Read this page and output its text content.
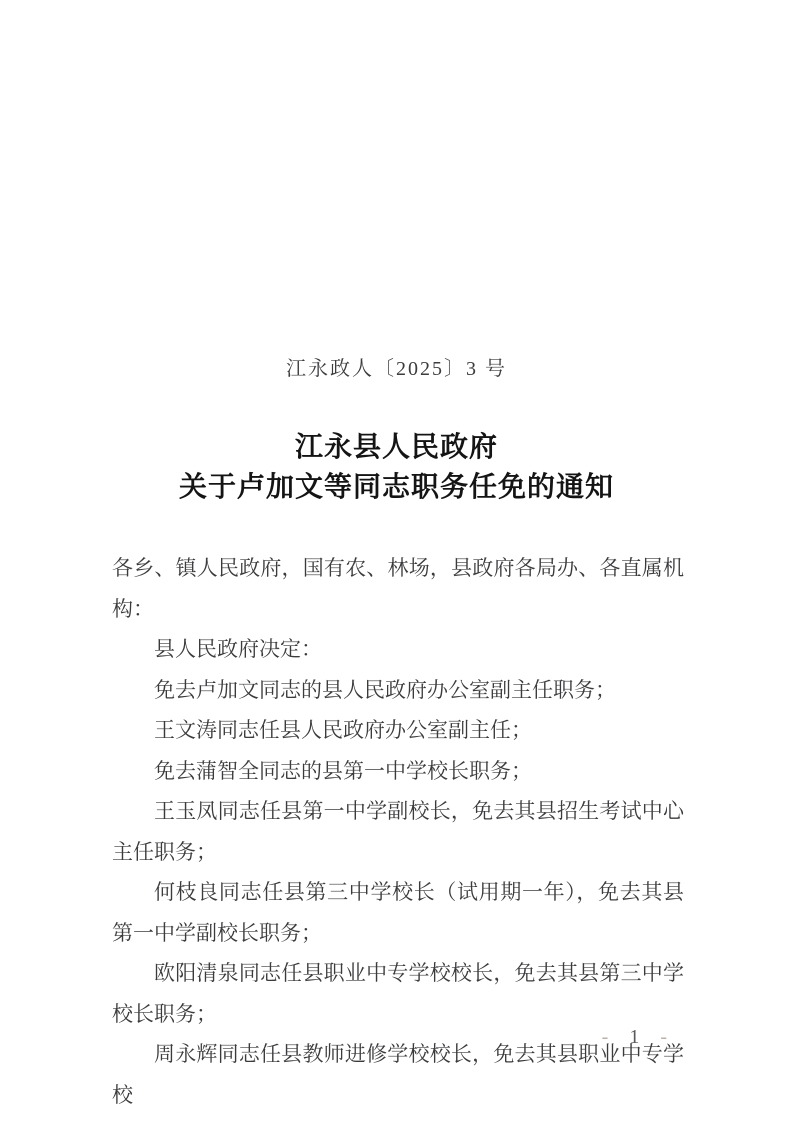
江永政人〔2025〕3 号
江永县人民政府
关于卢加文等同志职务任免的通知

各乡、镇人民政府，国有农、林场，县政府各局办、各直属机构：

县人民政府决定：

免去卢加文同志的县人民政府办公室副主任职务；

王文涛同志任县人民政府办公室副主任；

免去蒲智全同志的县第一中学校长职务；

王玉凤同志任县第一中学副校长，免去其县招生考试中心主任职务；

何枝良同志任县第三中学校长（试用期一年），免去其县第一中学副校长职务；

欧阳清泉同志任县职业中专学校校长，免去其县第三中学校长职务；

周永辉同志任县教师进修学校校长，免去其县职业中专学校

- 1 -
